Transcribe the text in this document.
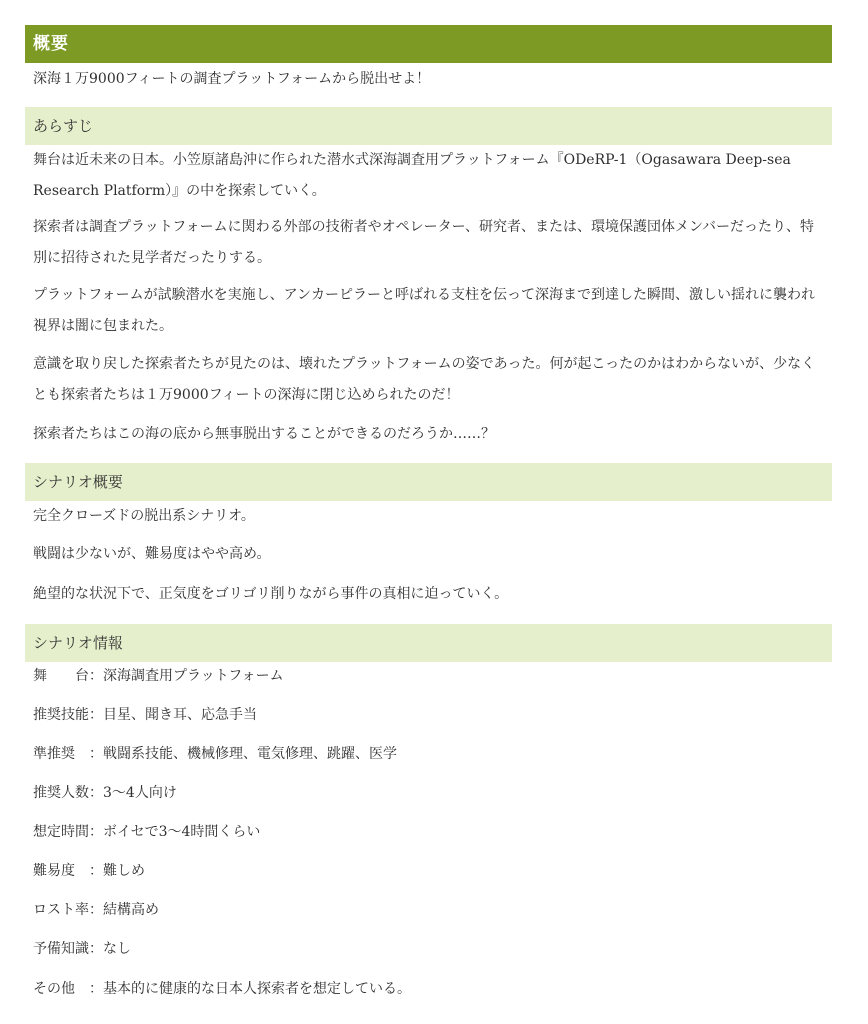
概要
深海１万9000フィートの調査プラットフォームから脱出せよ！
あらすじ
舞台は近未来の日本。小笠原諸島沖に作られた潜水式深海調査用プラットフォーム『ODeRP-1（Ogasawara Deep-sea Research Platform）』の中を探索していく。
探索者は調査プラットフォームに関わる外部の技術者やオペレーター、研究者、または、環境保護団体メンバーだったり、特別に招待された見学者だったりする。
プラットフォームが試験潜水を実施し、アンカーピラーと呼ばれる支柱を伝って深海まで到達した瞬間、激しい揺れに襲われ視界は闇に包まれた。
意識を取り戻した探索者たちが見たのは、壊れたプラットフォームの姿であった。何が起こったのかはわからないが、少なくとも探索者たちは１万9000フィートの深海に閉じ込められたのだ！
探索者たちはこの海の底から無事脱出することができるのだろうか……？
シナリオ概要
完全クローズドの脱出系シナリオ。
戦闘は少ないが、難易度はやや高め。
絶望的な状況下で、正気度をゴリゴリ削りながら事件の真相に迫っていく。
シナリオ情報
舞　　台： 深海調査用プラットフォーム
推奨技能： 目星、聞き耳、応急手当
準推奨　： 戦闘系技能、機械修理、電気修理、跳躍、医学
推奨人数： 3～4人向け
想定時間： ボイセで3～4時間くらい
難易度　： 難しめ
ロスト率： 結構高め
予備知識： なし
その他　： 基本的に健康的な日本人探索者を想定している。
